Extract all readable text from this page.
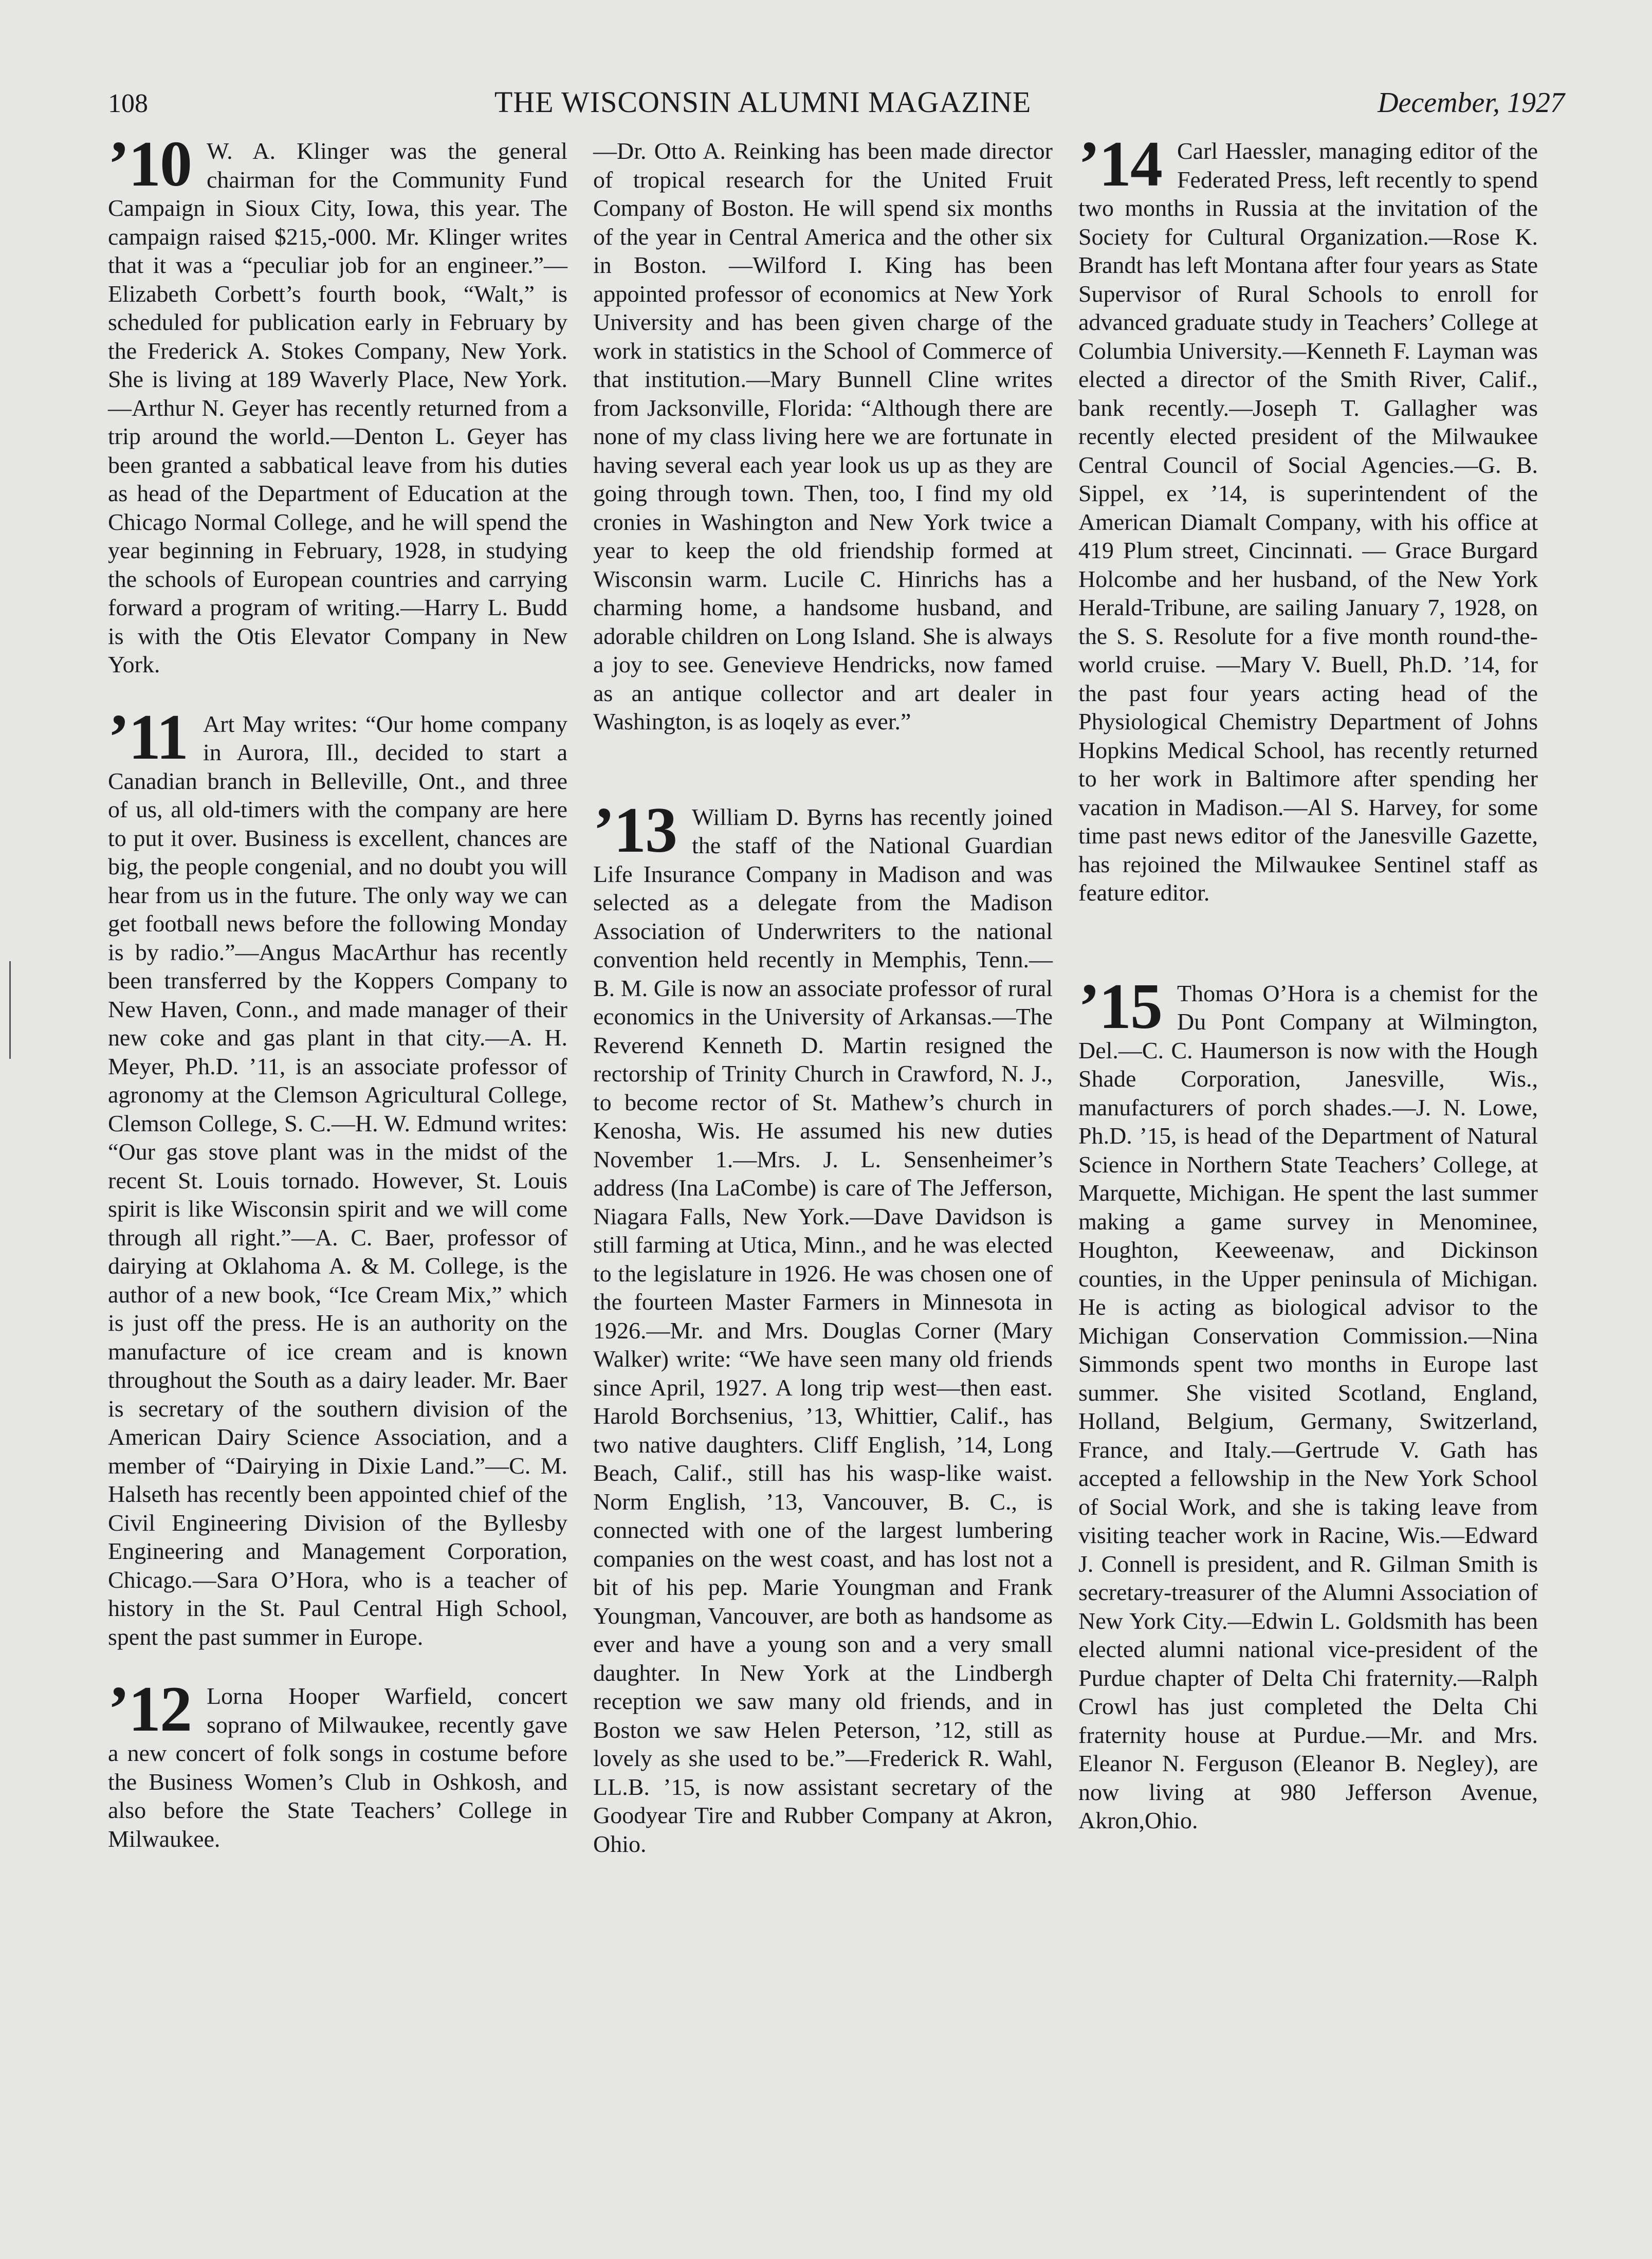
108	THE WISCONSIN ALUMNI MAGAZINE	December, 1927
’10 W. A. Klinger was the general chairman for the Community Fund Campaign in Sioux City, Iowa, this year. The campaign raised $215,-000. Mr. Klinger writes that it was a “peculiar job for an engineer.”—Elizabeth Corbett’s fourth book, “Walt,” is scheduled for publication early in February by the Frederick A. Stokes Company, New York. She is living at 189 Waverly Place, New York. —Arthur N. Geyer has recently returned from a trip around the world.—Denton L. Geyer has been granted a sabbatical leave from his duties as head of the Department of Education at the Chicago Normal College, and he will spend the year beginning in February, 1928, in studying the schools of European countries and carrying forward a program of writing.—Harry L. Budd is with the Otis Elevator Company in New York.

’11 Art May writes: “Our home company in Aurora, Ill., decided to start a Canadian branch in Belleville, Ont., and three of us, all old-timers with the company are here to put it over. Business is excellent, chances are big, the people congenial, and no doubt you will hear from us in the future. The only way we can get football news before the following Monday is by radio.”—Angus MacArthur has recently been transferred by the Koppers Company to New Haven, Conn., and made manager of their new coke and gas plant in that city.—A. H. Meyer, Ph.D. ’11, is an associate professor of agronomy at the Clemson Agricultural College, Clemson College, S. C.—H. W. Edmund writes: “Our gas stove plant was in the midst of the recent St. Louis tornado. However, St. Louis spirit is like Wisconsin spirit and we will come through all right.”—A. C. Baer, professor of dairying at Oklahoma A. & M. College, is the author of a new book, “Ice Cream Mix,” which is just off the press. He is an authority on the manufacture of ice cream and is known throughout the South as a dairy leader. Mr. Baer is secretary of the southern division of the American Dairy Science Association, and a member of “Dairying in Dixie Land.”—C. M. Halseth has recently been appointed chief of the Civil Engineering Division of the Byllesby Engineering and Management Corporation, Chicago.—Sara O’Hora, who is a teacher of history in the St. Paul Central High School, spent the past summer in Europe.

’12 Lorna Hooper Warfield, concert soprano of Milwaukee, recently gave a new concert of folk songs in costume before the Business Women’s Club in Oshkosh, and also before the State Teachers’ College in Milwaukee.

—Dr. Otto A. Reinking has been made director of tropical research for the United Fruit Company of Boston. He will spend six months of the year in Central America and the other six in Boston. —Wilford I. King has been appointed professor of economics at New York University and has been given charge of the work in statistics in the School of Commerce of that institution.—Mary Bunnell Cline writes from Jacksonville, Florida: “Although there are none of my class living here we are fortunate in having several each year look us up as they are going through town. Then, too, I find my old cronies in Washington and New York twice a year to keep the old friendship formed at Wisconsin warm. Lucile C. Hinrichs has a charming home, a handsome husband, and adorable children on Long Island. She is always a joy to see. Genevieve Hendricks, now famed as an antique collector and art dealer in Washington, is as loqely as ever.”

’13 William D. Byrns has recently joined the staff of the National Guardian Life Insurance Company in Madison and was selected as a delegate from the Madison Association of Underwriters to the national convention held recently in Memphis, Tenn.—B. M. Gile is now an associate professor of rural economics in the University of Arkansas.—The Reverend Kenneth D. Martin resigned the rectorship of Trinity Church in Crawford, N. J., to become rector of St. Mathew’s church in Kenosha, Wis. He assumed his new duties November 1.—Mrs. J. L. Sensenheimer’s address (Ina LaCombe) is care of The Jefferson, Niagara Falls, New York.—Dave Davidson is still farming at Utica, Minn., and he was elected to the legislature in 1926. He was chosen one of the fourteen Master Farmers in Minnesota in 1926.—Mr. and Mrs. Douglas Corner (Mary Walker) write: “We have seen many old friends since April, 1927. A long trip west—then east. Harold Borchsenius, ’13, Whittier, Calif., has two native daughters. Cliff English, ’14, Long Beach, Calif., still has his wasp-like waist. Norm English, ’13, Vancouver, B. C., is connected with one of the largest lumbering companies on the west coast, and has lost not a bit of his pep. Marie Youngman and Frank Youngman, Vancouver, are both as handsome as ever and have a young son and a very small daughter. In New York at the Lindbergh reception we saw many old friends, and in Boston we saw Helen Peterson, ’12, still as lovely as she used to be.”—Frederick R. Wahl, LL.B. ’15, is now assistant secretary of the Goodyear Tire and Rubber Company at Akron, Ohio.

’14 Carl Haessler, managing editor of the Federated Press, left recently to spend two months in Russia at the invitation of the Society for Cultural Organization.—Rose K. Brandt has left Montana after four years as State Supervisor of Rural Schools to enroll for advanced graduate study in Teachers’ College at Columbia University.—Kenneth F. Layman was elected a director of the Smith River, Calif., bank recently.—Joseph T. Gallagher was recently elected president of the Milwaukee Central Council of Social Agencies.—G. B. Sippel, ex ’14, is superintendent of the American Diamalt Company, with his office at 419 Plum street, Cincinnati. — Grace Burgard Holcombe and her husband, of the New York Herald-Tribune, are sailing January 7, 1928, on the S. S. Resolute for a five month round-the-world cruise. —Mary V. Buell, Ph.D. ’14, for the past four years acting head of the Physiological Chemistry Department of Johns Hopkins Medical School, has recently returned to her work in Baltimore after spending her vacation in Madison.—Al S. Harvey, for some time past news editor of the Janesville Gazette, has rejoined the Milwaukee Sentinel staff as feature editor.

’15 Thomas O’Hora is a chemist for the Du Pont Company at Wilmington, Del.—C. C. Haumerson is now with the Hough Shade Corporation, Janesville, Wis., manufacturers of porch shades.—J. N. Lowe, Ph.D. ’15, is head of the Department of Natural Science in Northern State Teachers’ College, at Marquette, Michigan. He spent the last summer making a game survey in Menominee, Houghton, Keeweenaw, and Dickinson counties, in the Upper peninsula of Michigan. He is acting as biological advisor to the Michigan Conservation Commission.—Nina Simmonds spent two months in Europe last summer. She visited Scotland, England, Holland, Belgium, Germany, Switzerland, France, and Italy.—Gertrude V. Gath has accepted a fellowship in the New York School of Social Work, and she is taking leave from visiting teacher work in Racine, Wis.—Edward J. Connell is president, and R. Gilman Smith is secretary-treasurer of the Alumni Association of New York City.—Edwin L. Goldsmith has been elected alumni national vice-president of the Purdue chapter of Delta Chi fraternity.—Ralph Crowl has just completed the Delta Chi fraternity house at Purdue.—Mr. and Mrs. Eleanor N. Ferguson (Eleanor B. Negley), are now living at 980 Jefferson Avenue, Akron,Ohio.
